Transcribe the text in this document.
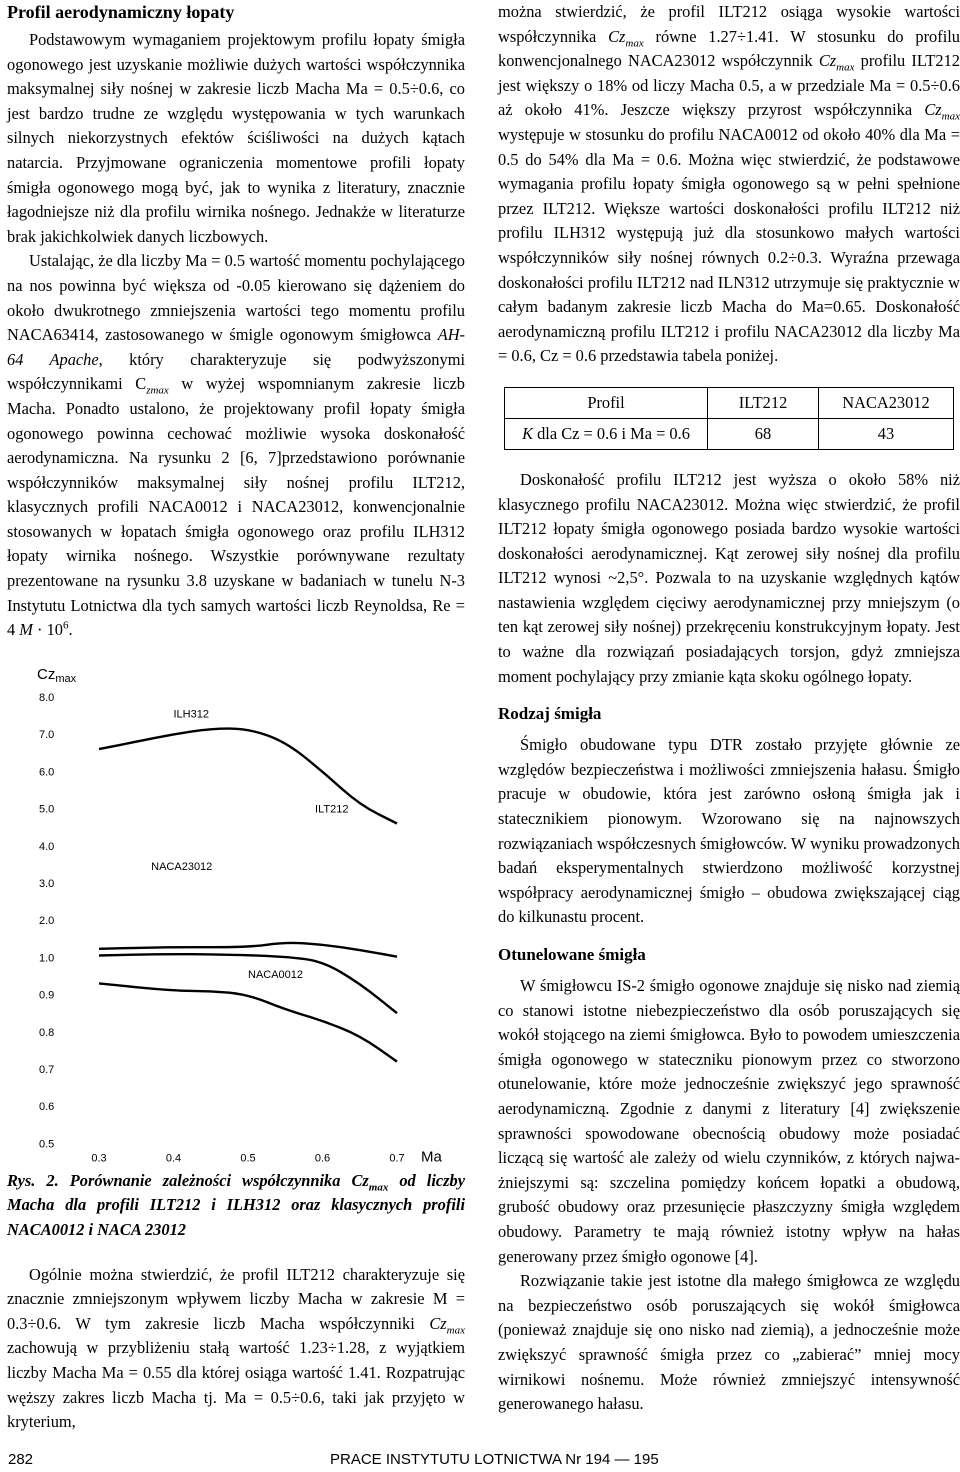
Profil aerodynamiczny łopaty

Podstawowym wymaganiem projektowym profilu łopaty śmigła ogonowego jest uzyskanie możliwie dużych wartości współczynnika maksymalnej siły nośnej w zakresie liczb Macha Ma = 0.5÷0.6, co jest bardzo trudne ze względu występowania w tych warunkach silnych niekorzystnych efektów ściśliwości na dużych kątach natarcia. Przyjmowane ograniczenia momentowe profili łopaty śmigła ogonowego mogą być, jak to wynika z literatury, znacznie łagodniejsze niż dla profilu wirnika nośnego. Jednakże w literaturze brak jakichkolwiek danych liczbowych.

Ustalając, że dla liczby Ma = 0.5 wartość momentu pochylającego na nos powinna być większa od -0.05 kierowano się dążeniem do około dwukrotnego zmniejszenia wartości tego momentu profilu NACA63414, zastosowanego w śmigle ogonowym śmigłowca AH-64 Apache, który charakteryzuje się podwyższonymi współczynnikami $C_{zmax}$ w wyżej wspomnianym zakresie liczb Macha. Ponadto ustalono, że projektowany profil łopaty śmigła ogonowego powinna cechować możliwie wysoka doskonałość aerodynamiczna. Na rysunku 2 [6, 7]przedstawiono porównanie współczynników maksymalnej siły nośnej profilu ILT212, klasycznych profili NACA0012 i NACA23012, konwencjonalnie stosowanych w łopatach śmigła ogonowego oraz profilu ILH312 łopaty wirnika nośnego. Wszystkie porównywane rezultaty prezentowane na rysunku 3.8 uzyskane w badaniach w tunelu N-3 Instytutu Lotnictwa dla tych samych wartości liczb Reynoldsa, Re = 4 $M \cdot 10^6$.

$Cz_{max}$
8.0
7.0
6.0
5.0
4.0
3.0
2.0
1.0
0.9
0.8
0.7
0.6
0.5
0.3	0.4	0.5	0.6	0.7 Ma
ILH312
ILT212
NACA23012
NACA0012

Rys. 2. Porównanie zależności współczynnika $Cz_{max}$ od liczby Macha dla profili ILT212 i ILH312 oraz klasycznych profili NACA0012 i NACA 23012

Ogólnie można stwierdzić, że profil ILT212 charakteryzuje się znacznie zmniejszonym wpływem liczby Macha w zakresie M = 0.3÷0.6. W tym zakresie liczb Macha współczynniki $Cz_{max}$ zachowują w przybliżeniu stałą wartość 1.23÷1.28, z wyjątkiem liczby Macha Ma = 0.55 dla której osiąga wartość 1.41. Rozpatrując węższy zakres liczb Macha tj. Ma = 0.5÷0.6, taki jak przyjęto w kryterium,

można stwierdzić, że profil ILT212 osiąga wysokie wartości współczynnika $Cz_{max}$ równe 1.27÷1.41. W stosunku do profilu konwencjonalnego NACA23012 współczynnik $Cz_{max}$ profilu ILT212 jest większy o 18% od liczy Macha 0.5, a w przedziale Ma = 0.5÷0.6 aż około 41%. Jeszcze większy przyrost współczynnika $Cz_{max}$ występuje w stosunku do profilu NACA0012 od około 40% dla Ma = 0.5 do 54% dla Ma = 0.6. Można więc stwierdzić, że podstawowe wymagania profilu łopaty śmigła ogonowego są w pełni spełnione przez ILT212. Większe wartości doskonałości profilu ILT212 niż profilu ILH312 występują już dla stosunkowo małych wartości współczynników siły nośnej równych 0.2÷0.3. Wyraźna przewaga doskonałości profilu ILT212 nad ILN312 utrzymuje się praktycznie w całym badanym zakresie liczb Macha do Ma=0.65. Doskonałość aerodynamiczną profilu ILT212 i profilu NACA23012 dla liczby Ma = 0.6, Cz = 0.6 przedstawia tabela poniżej.

Profil	ILT212	NACA23012
K dla Cz = 0.6 i Ma = 0.6	68	43

Doskonałość profilu ILT212 jest wyższa o około 58% niż klasycznego profilu NACA23012. Można więc stwierdzić, że profil ILT212 łopaty śmigła ogonowego posiada bardzo wysokie wartości doskonałości aerodynamicznej. Kąt zerowej siły nośnej dla profilu ILT212 wynosi ~2,5°. Pozwala to na uzyskanie względnych kątów nastawienia względem cięciwy aerodynamicznej przy mniejszym (o ten kąt zerowej siły nośnej) przekręceniu konstrukcyjnym łopaty. Jest to ważne dla rozwiązań posiadających torsjon, gdyż zmniejsza moment pochylający przy zmianie kąta skoku ogólnego łopaty.

Rodzaj śmigła

Śmigło obudowane typu DTR zostało przyjęte głównie ze względów bezpieczeństwa i możliwości zmniejszenia hałasu. Śmigło pracuje w obudowie, która jest zarówno osłoną śmigła jak i statecznikiem pionowym. Wzorowano się na najnowszych rozwiązaniach współczesnych śmigłowców. W wyniku prowadzonych badań eksperymentalnych stwierdzono możliwość korzystnej współpracy aerodynamicznej śmigło – obudowa zwiększającej ciąg do kilkunastu procent.

Otunelowane śmigła

W śmigłowcu IS-2 śmigło ogonowe znajduje się nisko nad ziemią co stanowi istotne niebezpieczeństwo dla osób poruszających się wokół stojącego na ziemi śmigłowca. Było to powodem umieszczenia śmigła ogonowego w stateczniku pionowym przez co stworzono otunelowanie, które może jednocześnie zwiększyć jego sprawność aerodynamiczną. Zgodnie z danymi z literatury [4] zwiększenie sprawności spowodowane obecnością obudowy może posiadać liczącą się wartość ale zależy od wielu czynników, z których najważniejszymi są: szczelina pomiędzy końcem łopatki a obudową, grubość obudowy oraz przesunięcie płaszczyzny śmigła względem obudowy. Parametry te mają również istotny wpływ na hałas generowany przez śmigło ogonowe [4].

Rozwiązanie takie jest istotne dla małego śmigłowca ze względu na bezpieczeństwo osób poruszających się wokół śmigłowca (ponieważ znajduje się ono nisko nad ziemią), a jednocześnie może zwiększyć sprawność śmigła przez co „zabierać” mniej mocy wirnikowi nośnemu. Może również zmniejszyć intensywność generowanego hałasu.

282	PRACE INSTYTUTU LOTNICTWA Nr 194 — 195
